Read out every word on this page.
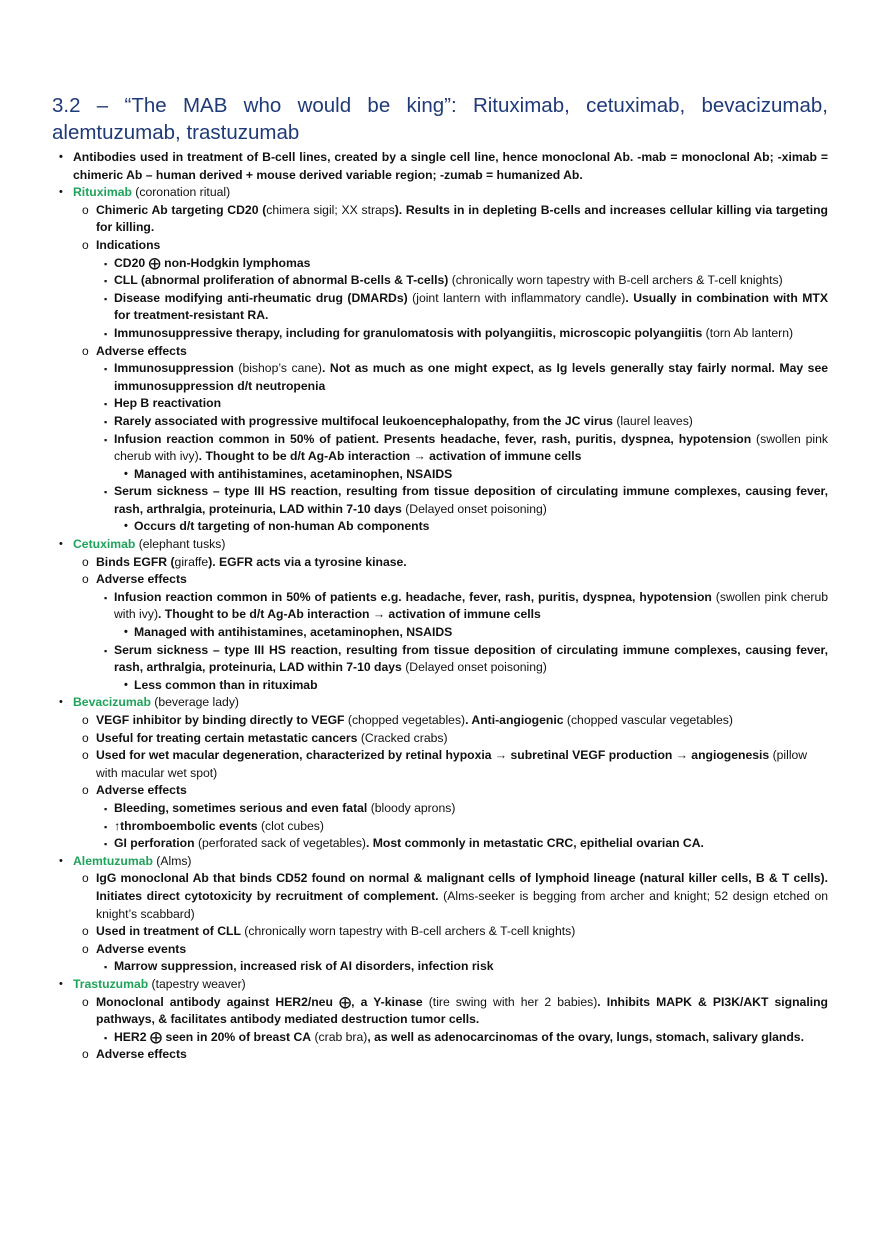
3.2 – “The MAB who would be king”: Rituximab, cetuximab, bevacizumab, alemtuzumab, trastuzumab
• Antibodies used in treatment of B-cell lines, created by a single cell line, hence monoclonal Ab. -mab = monoclonal Ab; -ximab = chimeric Ab – human derived + mouse derived variable region; -zumab = humanized Ab.
• Rituximab (coronation ritual)
o Chimeric Ab targeting CD20 (chimera sigil; XX straps). Results in in depleting B-cells and increases cellular killing via targeting for killing.
o Indications
▪ CD20 ⨁ non-Hodgkin lymphomas
▪ CLL (abnormal proliferation of abnormal B-cells & T-cells) (chronically worn tapestry with B-cell archers & T-cell knights)
▪ Disease modifying anti-rheumatic drug (DMARDs) (joint lantern with inflammatory candle). Usually in combination with MTX for treatment-resistant RA.
▪ Immunosuppressive therapy, including for granulomatosis with polyangiitis, microscopic polyangiitis (torn Ab lantern)
o Adverse effects
▪ Immunosuppression (bishop’s cane). Not as much as one might expect, as Ig levels generally stay fairly normal. May see immunosuppression d/t neutropenia
▪ Hep B reactivation
▪ Rarely associated with progressive multifocal leukoencephalopathy, from the JC virus (laurel leaves)
▪ Infusion reaction common in 50% of patient. Presents headache, fever, rash, puritis, dyspnea, hypotension (swollen pink cherub with ivy). Thought to be d/t Ag-Ab interaction → activation of immune cells
• Managed with antihistamines, acetaminophen, NSAIDS
▪ Serum sickness – type III HS reaction, resulting from tissue deposition of circulating immune complexes, causing fever, rash, arthralgia, proteinuria, LAD within 7-10 days (Delayed onset poisoning)
• Occurs d/t targeting of non-human Ab components
• Cetuximab (elephant tusks)
o Binds EGFR (giraffe). EGFR acts via a tyrosine kinase.
o Adverse effects
▪ Infusion reaction common in 50% of patients e.g. headache, fever, rash, puritis, dyspnea, hypotension (swollen pink cherub with ivy). Thought to be d/t Ag-Ab interaction → activation of immune cells
• Managed with antihistamines, acetaminophen, NSAIDS
▪ Serum sickness – type III HS reaction, resulting from tissue deposition of circulating immune complexes, causing fever, rash, arthralgia, proteinuria, LAD within 7-10 days (Delayed onset poisoning)
• Less common than in rituximab
• Bevacizumab (beverage lady)
o VEGF inhibitor by binding directly to VEGF (chopped vegetables). Anti-angiogenic (chopped vascular vegetables)
o Useful for treating certain metastatic cancers (Cracked crabs)
o Used for wet macular degeneration, characterized by retinal hypoxia → subretinal VEGF production → angiogenesis (pillow with macular wet spot)
o Adverse effects
▪ Bleeding, sometimes serious and even fatal (bloody aprons)
▪ ↑thromboembolic events (clot cubes)
▪ GI perforation (perforated sack of vegetables). Most commonly in metastatic CRC, epithelial ovarian CA.
• Alemtuzumab (Alms)
o IgG monoclonal Ab that binds CD52 found on normal & malignant cells of lymphoid lineage (natural killer cells, B & T cells). Initiates direct cytotoxicity by recruitment of complement. (Alms-seeker is begging from archer and knight; 52 design etched on knight’s scabbard)
o Used in treatment of CLL (chronically worn tapestry with B-cell archers & T-cell knights)
o Adverse events
▪ Marrow suppression, increased risk of AI disorders, infection risk
• Trastuzumab (tapestry weaver)
o Monoclonal antibody against HER2/neu ⨁, a Y-kinase (tire swing with her 2 babies). Inhibits MAPK & PI3K/AKT signaling pathways, & facilitates antibody mediated destruction tumor cells.
▪ HER2 ⨁ seen in 20% of breast CA (crab bra), as well as adenocarcinomas of the ovary, lungs, stomach, salivary glands.
o Adverse effects
